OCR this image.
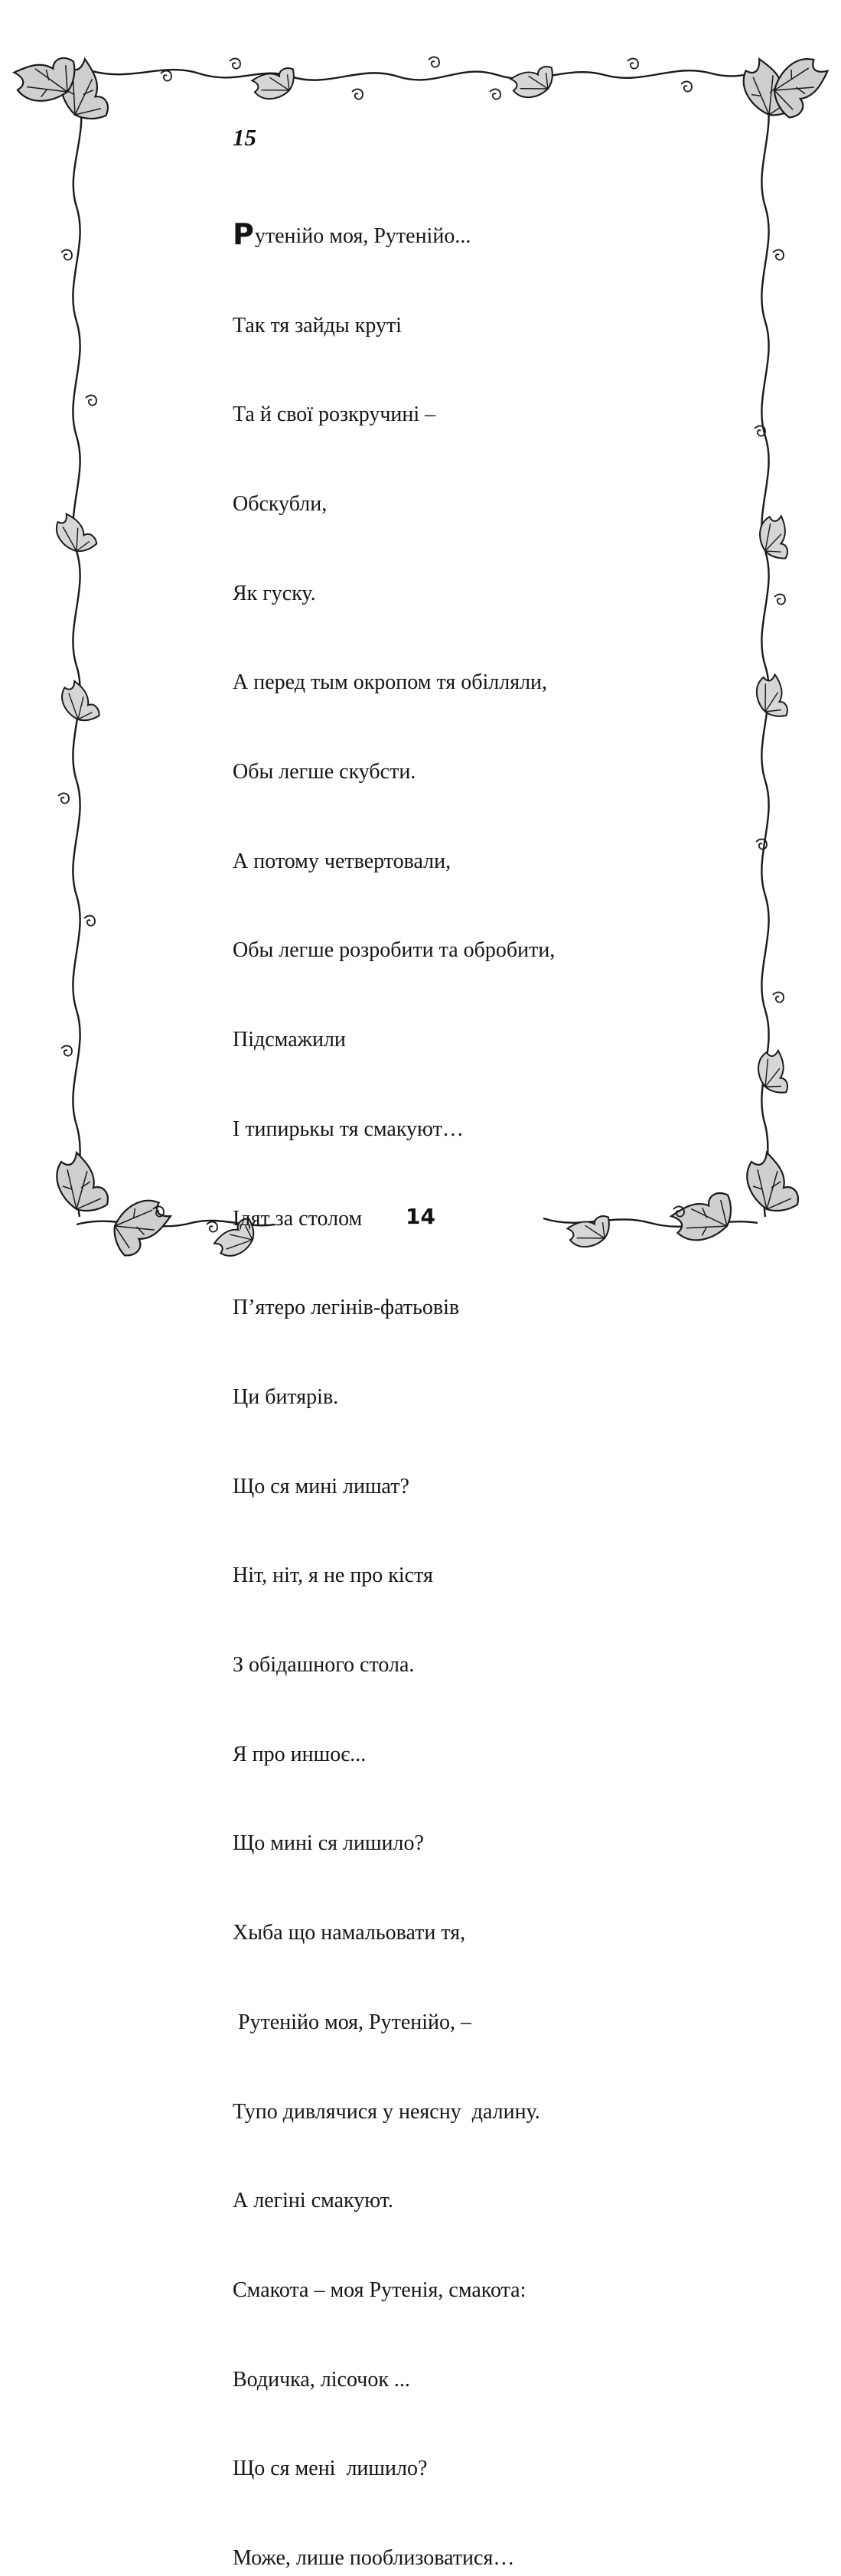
15

Рутенійо моя, Рутенійо...

Так тя зайды круті

Та й свої розкручині –

Обскубли,

Як гуску.

А перед тым окропом тя обілляли,

Обы легше скубсти.

А потому четвертовали,

Обы легше розробити та обробити,

Підсмажили

І типирькы тя смакуют…

Ідят за столом

П’ятеро легінів-фатьовів

Ци битярів.

Що ся мині лишат?

Ніт, ніт, я не про кістя

З обідашного стола.

Я про иншоє...

Що мині ся лишило?

Хыба що намальовати тя,

Рутенійо моя, Рутенійо, –

Тупо дивлячися у неясну  далину.

А легіні смакуют.

Смакота – моя Рутенія, смакота:

Водичка, лісочок ...

Що ся мені  лишило?

Може, лише пооблизоватися…

14
